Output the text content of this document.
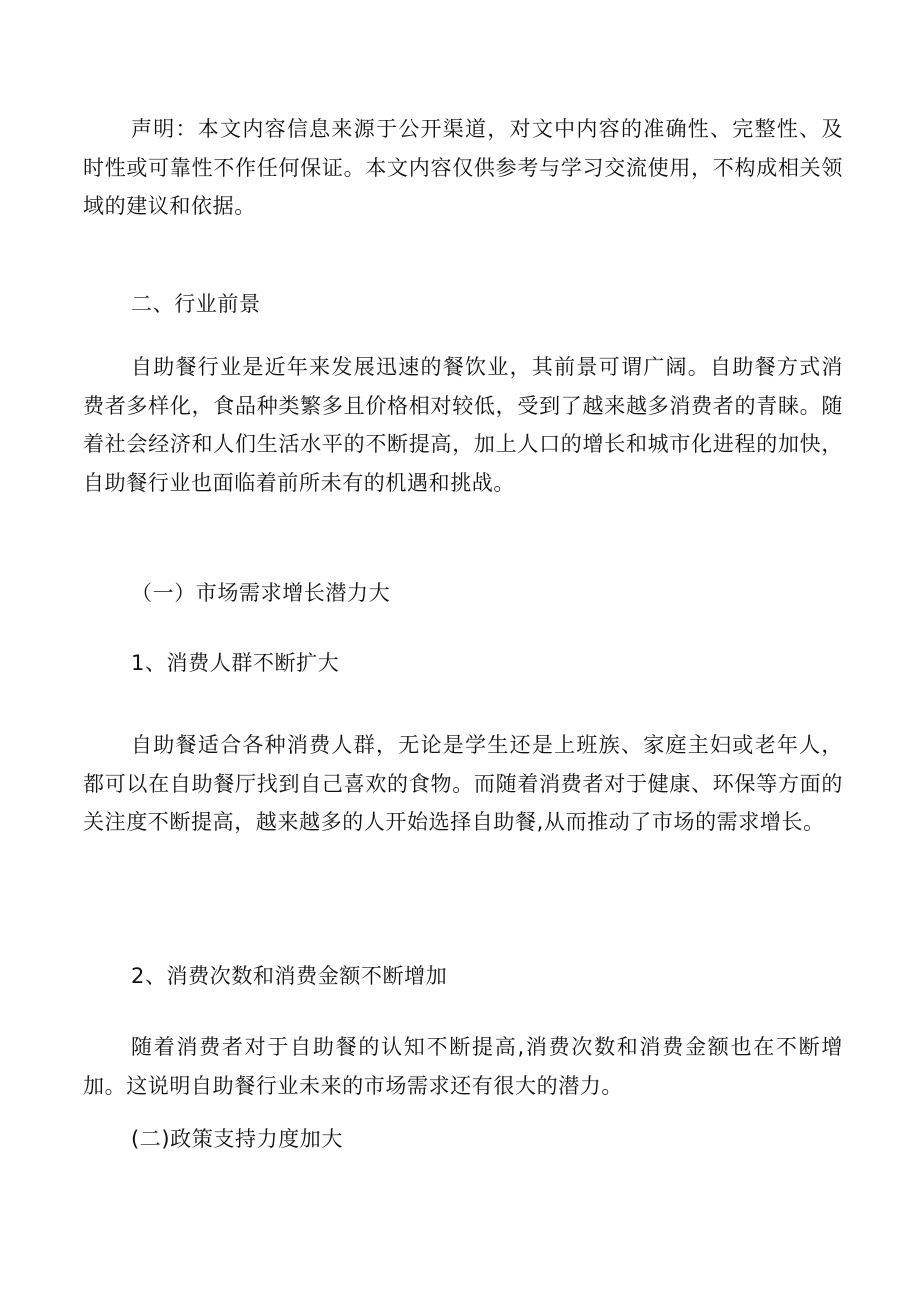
声明：本文内容信息来源于公开渠道，对文中内容的准确性、完整性、及时性或可靠性不作任何保证。本文内容仅供参考与学习交流使用，不构成相关领域的建议和依据。

二、行业前景

自助餐行业是近年来发展迅速的餐饮业，其前景可谓广阔。自助餐方式消费者多样化，食品种类繁多且价格相对较低，受到了越来越多消费者的青睐。随着社会经济和人们生活水平的不断提高，加上人口的增长和城市化进程的加快，自助餐行业也面临着前所未有的机遇和挑战。

（一）市场需求增长潜力大
1、消费人群不断扩大

自助餐适合各种消费人群，无论是学生还是上班族、家庭主妇或老年人，都可以在自助餐厅找到自己喜欢的食物。而随着消费者对于健康、环保等方面的关注度不断提高，越来越多的人开始选择自助餐,从而推动了市场的需求增长。

2、消费次数和消费金额不断增加

随着消费者对于自助餐的认知不断提高,消费次数和消费金额也在不断增加。这说明自助餐行业未来的市场需求还有很大的潜力。

(二)政策支持力度加大
